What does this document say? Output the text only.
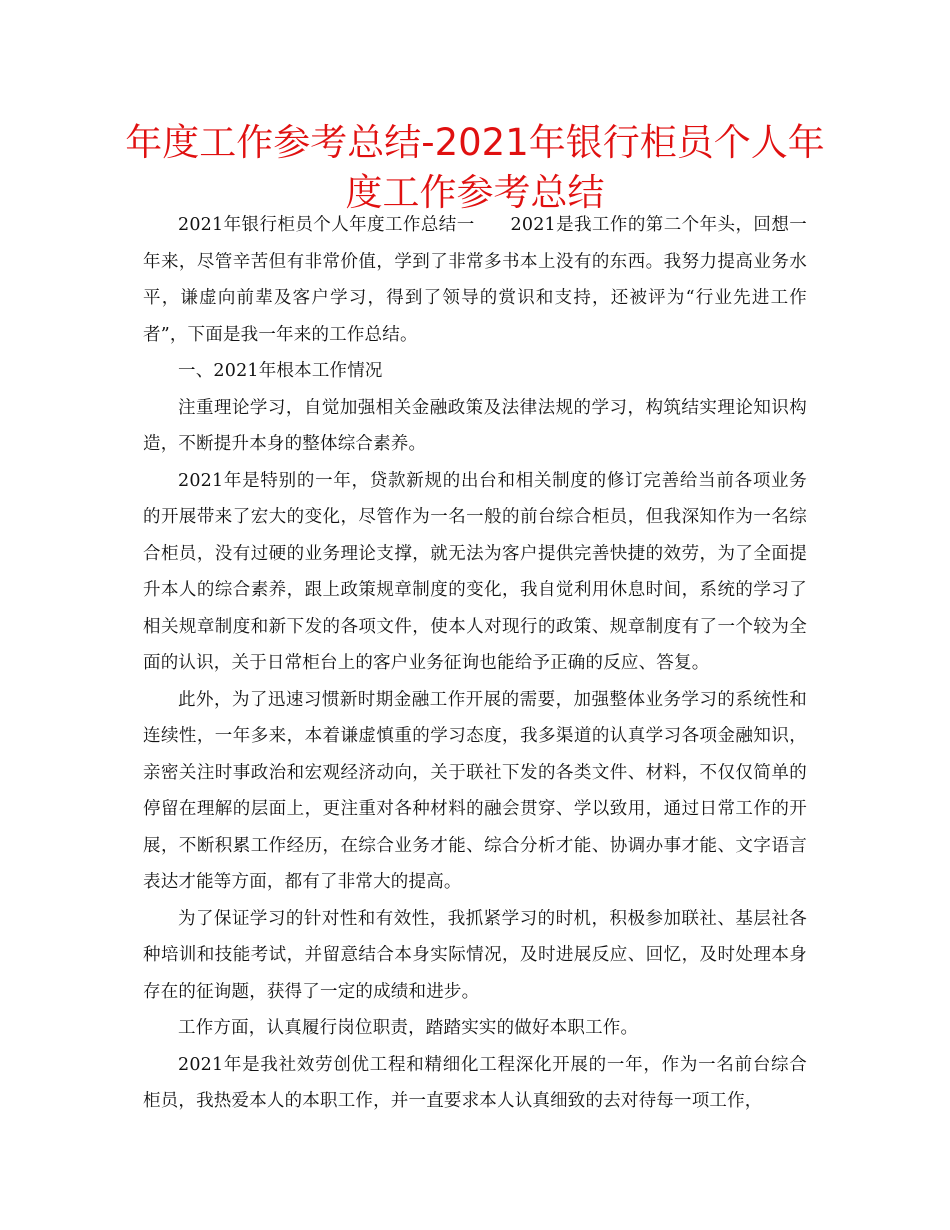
年度工作参考总结-2021年银行柜员个人年度工作参考总结

2021年银行柜员个人年度工作总结一　　2021是我工作的第二个年头，回想一年来，尽管辛苦但有非常价值，学到了非常多书本上没有的东西。我努力提高业务水平，谦虚向前辈及客户学习，得到了领导的赏识和支持，还被评为“行业先进工作者”，下面是我一年来的工作总结。

一、2021年根本工作情况

注重理论学习，自觉加强相关金融政策及法律法规的学习，构筑结实理论知识构造，不断提升本身的整体综合素养。

2021年是特别的一年，贷款新规的出台和相关制度的修订完善给当前各项业务的开展带来了宏大的变化，尽管作为一名一般的前台综合柜员，但我深知作为一名综合柜员，没有过硬的业务理论支撑，就无法为客户提供完善快捷的效劳，为了全面提升本人的综合素养，跟上政策规章制度的变化，我自觉利用休息时间，系统的学习了相关规章制度和新下发的各项文件，使本人对现行的政策、规章制度有了一个较为全面的认识，关于日常柜台上的客户业务征询也能给予正确的反应、答复。

此外，为了迅速习惯新时期金融工作开展的需要，加强整体业务学习的系统性和连续性，一年多来，本着谦虚慎重的学习态度，我多渠道的认真学习各项金融知识，亲密关注时事政治和宏观经济动向，关于联社下发的各类文件、材料，不仅仅简单的停留在理解的层面上，更注重对各种材料的融会贯穿、学以致用，通过日常工作的开展，不断积累工作经历，在综合业务才能、综合分析才能、协调办事才能、文字语言表达才能等方面，都有了非常大的提高。

为了保证学习的针对性和有效性，我抓紧学习的时机，积极参加联社、基层社各种培训和技能考试，并留意结合本身实际情况，及时进展反应、回忆，及时处理本身存在的征询题，获得了一定的成绩和进步。

工作方面，认真履行岗位职责，踏踏实实的做好本职工作。

2021年是我社效劳创优工程和精细化工程深化开展的一年，作为一名前台综合柜员，我热爱本人的本职工作，并一直要求本人认真细致的去对待每一项工作，
